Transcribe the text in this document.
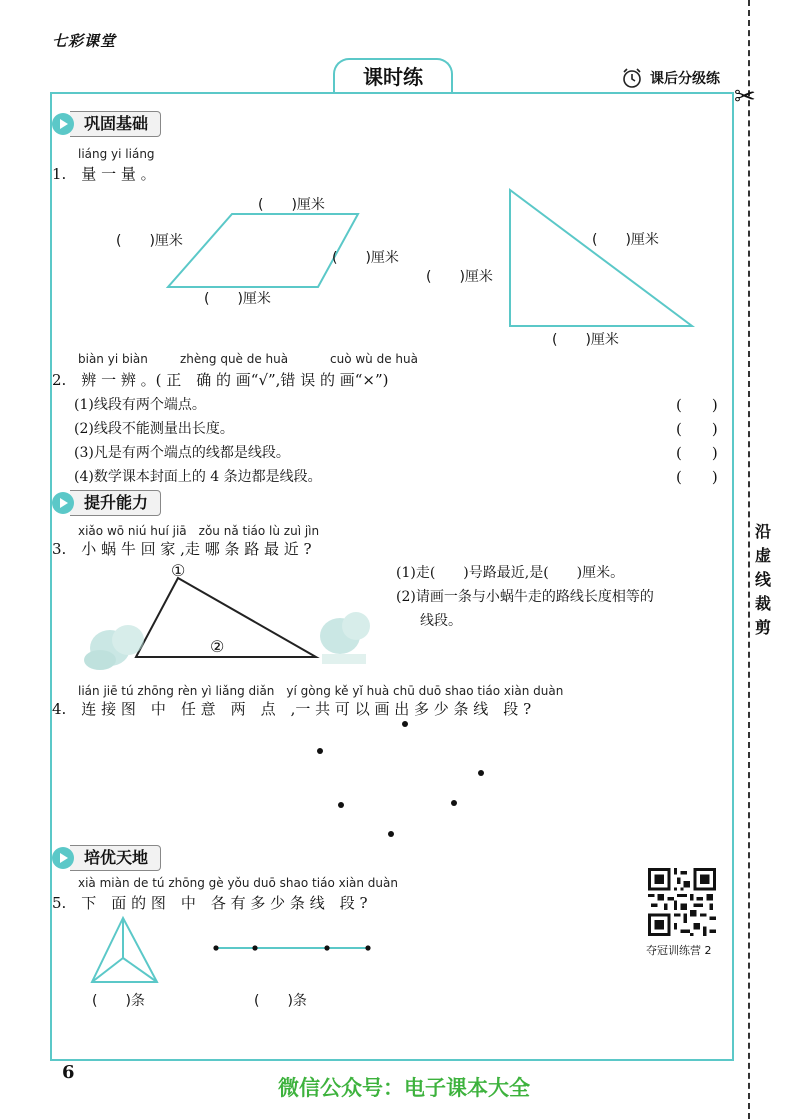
七彩课堂
课时练	课后分级练
✂
沿
虚
线
裁
剪
巩固基础
liáng yi liáng
1.　量 一 量 。
(　　)厘米
(　　)厘米
(　　)厘米
(　　)厘米
(　　)厘米
(　　)厘米
(　　)厘米
biàn yi biàn	zhèng què de huà	cuò wù de huà
2.　辨 一 辨 。( 正　确 的 画“√”,错 误 的 画“×”)
(1)线段有两个端点。	(　　)
(2)线段不能测量出长度。	(　　)
(3)凡是有两个端点的线都是线段。	(　　)
(4)数学课本封面上的 4 条边都是线段。	(　　)
提升能力
xiǎo wō niú huí jiā　zǒu nǎ tiáo lù zuì jìn
3.　小 蜗 牛 回 家 ,走 哪 条 路 最 近 ?
①
②
(1)走(　　)号路最近,是(　　)厘米。
(2)请画一条与小蜗牛走的路线长度相等的
线段。
lián jiē tú zhōng rèn yì liǎng diǎn　yí gòng kě yǐ huà chū duō shao tiáo xiàn duàn
4.　连 接 图　中　任 意　两　点　,一 共 可 以 画 出 多 少 条 线　段 ?
培优天地
xià miàn de tú zhōng gè yǒu duō shao tiáo xiàn duàn
5.　下　面 的 图　中　各 有 多 少 条 线　段 ?
(　　)条	(　　)条
夺冠训练营 2
6
微信公众号：电子课本大全
